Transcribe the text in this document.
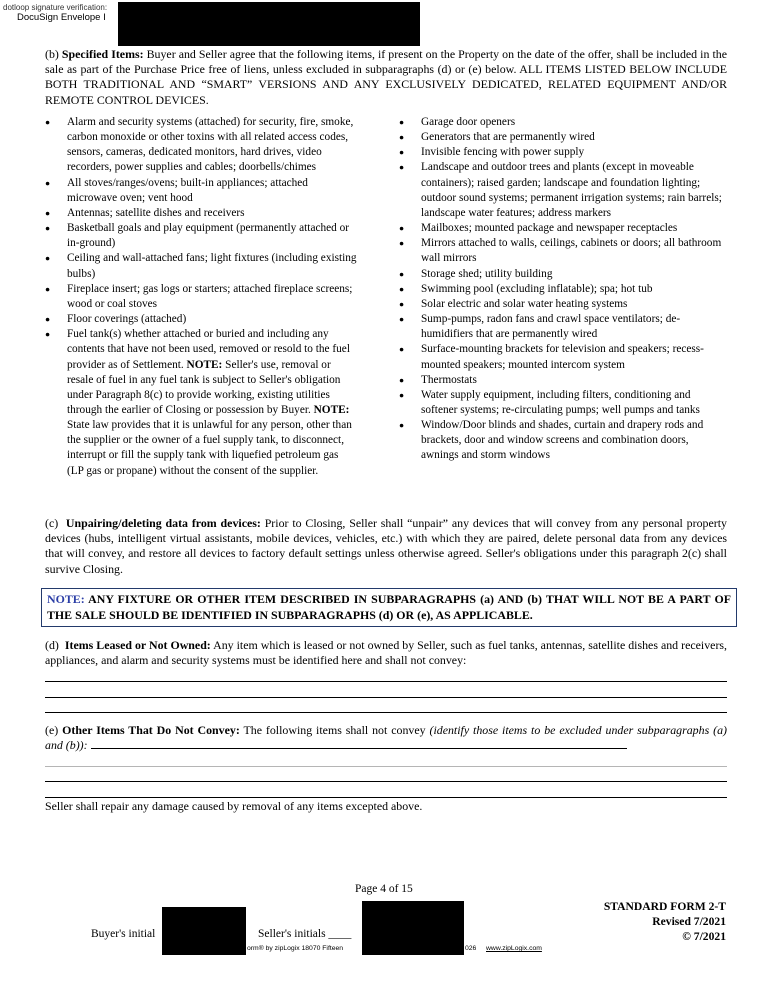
dotloop signature verification:
DocuSign Envelope I
(b) Specified Items: Buyer and Seller agree that the following items, if present on the Property on the date of the offer, shall be included in the sale as part of the Purchase Price free of liens, unless excluded in subparagraphs (d) or (e) below. ALL ITEMS LISTED BELOW INCLUDE BOTH TRADITIONAL AND “SMART” VERSIONS AND ANY EXCLUSIVELY DEDICATED, RELATED EQUIPMENT AND/OR REMOTE CONTROL DEVICES.
● Alarm and security systems (attached) for security, fire, smoke, carbon monoxide or other toxins with all related access codes, sensors, cameras, dedicated monitors, hard drives, video recorders, power supplies and cables; doorbells/chimes
● All stoves/ranges/ovens; built-in appliances; attached microwave oven; vent hood
● Antennas; satellite dishes and receivers
● Basketball goals and play equipment (permanently attached or in-ground)
● Ceiling and wall-attached fans; light fixtures (including existing bulbs)
● Fireplace insert; gas logs or starters; attached fireplace screens; wood or coal stoves
● Floor coverings (attached)
● Fuel tank(s) whether attached or buried and including any contents that have not been used, removed or resold to the fuel provider as of Settlement. NOTE: Seller's use, removal or resale of fuel in any fuel tank is subject to Seller's obligation under Paragraph 8(c) to provide working, existing utilities through the earlier of Closing or possession by Buyer. NOTE: State law provides that it is unlawful for any person, other than the supplier or the owner of a fuel supply tank, to disconnect, interrupt or fill the supply tank with liquefied petroleum gas (LP gas or propane) without the consent of the supplier.
● Garage door openers
● Generators that are permanently wired
● Invisible fencing with power supply
● Landscape and outdoor trees and plants (except in moveable containers); raised garden; landscape and foundation lighting; outdoor sound systems; permanent irrigation systems; rain barrels; landscape water features; address markers
● Mailboxes; mounted package and newspaper receptacles
● Mirrors attached to walls, ceilings, cabinets or doors; all bathroom wall mirrors
● Storage shed; utility building
● Swimming pool (excluding inflatable); spa; hot tub
● Solar electric and solar water heating systems
● Sump-pumps, radon fans and crawl space ventilators; de-humidifiers that are permanently wired
● Surface-mounting brackets for television and speakers; recess-mounted speakers; mounted intercom system
● Thermostats
● Water supply equipment, including filters, conditioning and softener systems; re-circulating pumps; well pumps and tanks
● Window/Door blinds and shades, curtain and drapery rods and brackets, door and window screens and combination doors, awnings and storm windows
(c) Unpairing/deleting data from devices: Prior to Closing, Seller shall “unpair” any devices that will convey from any personal property devices (hubs, intelligent virtual assistants, mobile devices, vehicles, etc.) with which they are paired, delete personal data from any devices that will convey, and restore all devices to factory default settings unless otherwise agreed. Seller's obligations under this paragraph 2(c) shall survive Closing.
NOTE: ANY FIXTURE OR OTHER ITEM DESCRIBED IN SUBPARAGRAPHS (a) AND (b) THAT WILL NOT BE A PART OF THE SALE SHOULD BE IDENTIFIED IN SUBPARAGRAPHS (d) OR (e), AS APPLICABLE.
(d) Items Leased or Not Owned: Any item which is leased or not owned by Seller, such as fuel tanks, antennas, satellite dishes and receivers, appliances, and alarm and security systems must be identified here and shall not convey:
(e) Other Items That Do Not Convey: The following items shall not convey (identify those items to be excluded under subparagraphs (a) and (b)):
Seller shall repair any damage caused by removal of any items excepted above.
Page 4 of 15
Buyer's initial	Seller's initials ____
orm® by zipLogix 18070 Fifteen	026 www.zipLogix.com
STANDARD FORM 2-T
Revised 7/2021
© 7/2021
